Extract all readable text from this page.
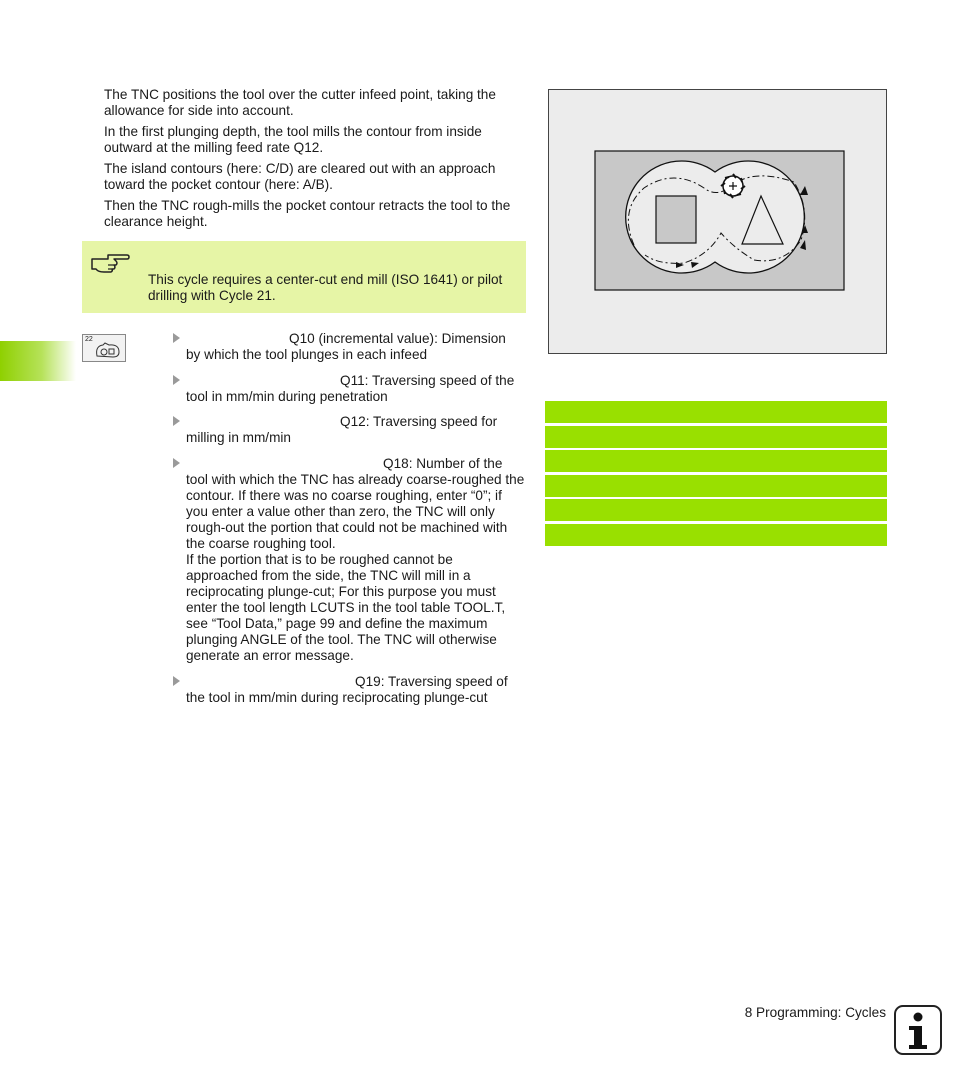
The TNC positions the tool over the cutter infeed point, taking the allowance for side into account.

In the first plunging depth, the tool mills the contour from inside outward at the milling feed rate Q12.

The island contours (here: C/D) are cleared out with an approach toward the pocket contour (here: A/B).

Then the TNC rough-mills the pocket contour retracts the tool to the clearance height.

This cycle requires a center-cut end mill (ISO 1641) or pilot drilling with Cycle 21.

22	Q10 (incremental value): Dimension
by which the tool plunges in each infeed

Q11: Traversing speed of the
tool in mm/min during penetration

Q12: Traversing speed for
milling in mm/min

Q18: Number of the
tool with which the TNC has already coarse-roughed the contour. If there was no coarse roughing, enter “0”; if you enter a value other than zero, the TNC will only rough-out the portion that could not be machined with the coarse roughing tool.
If the portion that is to be roughed cannot be approached from the side, the TNC will mill in a reciprocating plunge-cut; For this purpose you must enter the tool length LCUTS in the tool table TOOL.T, see “Tool Data,” page 99 and define the maximum plunging ANGLE of the tool. The TNC will otherwise generate an error message.

Q19: Traversing speed of
the tool in mm/min during reciprocating plunge-cut

8 Programming: Cycles
